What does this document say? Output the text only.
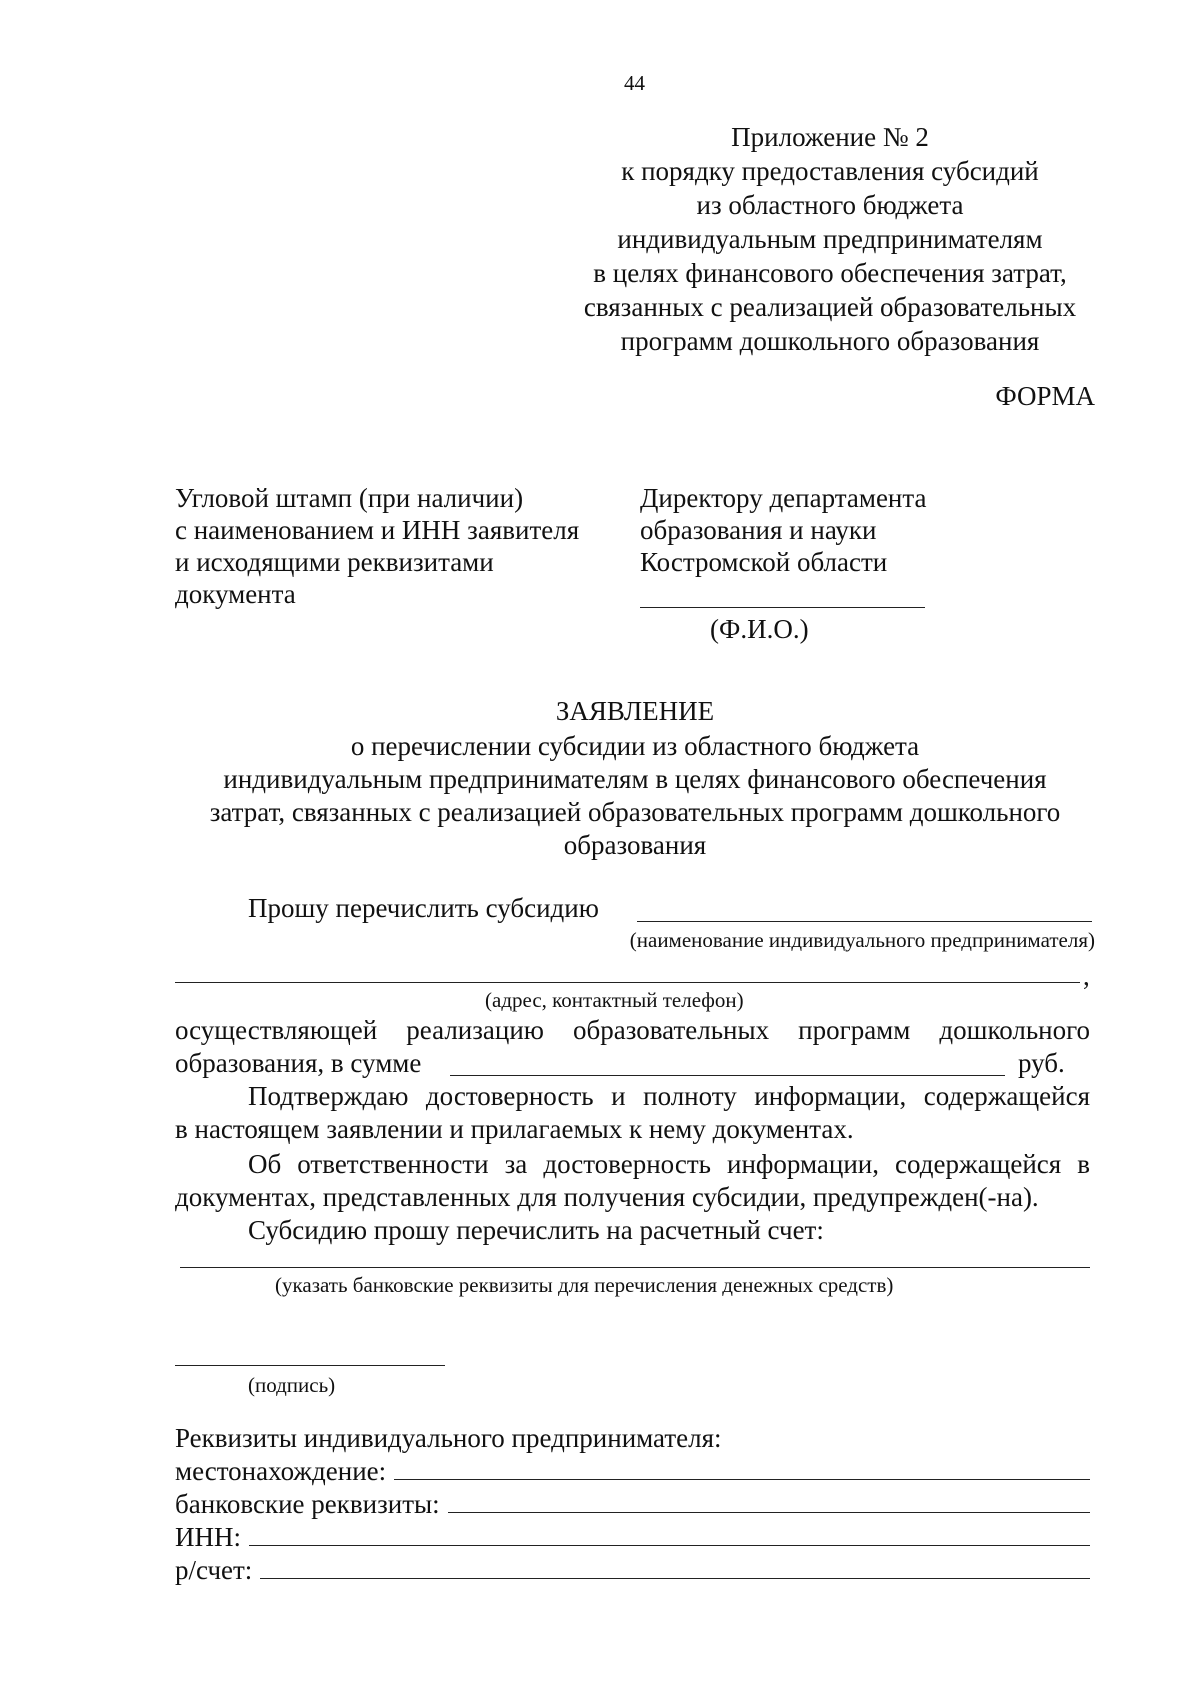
44
Приложение № 2
к порядку предоставления субсидий
из областного бюджета
индивидуальным предпринимателям
в целях финансового обеспечения затрат,
связанных с реализацией образовательных
программ дошкольного образования
ФОРМА
Угловой штамп (при наличии)
с наименованием и ИНН заявителя
и исходящими реквизитами
документа
Директору департамента
образования и науки
Костромской области
(Ф.И.О.)
ЗАЯВЛЕНИЕ
о перечислении субсидии из областного бюджета
индивидуальным предпринимателям в целях финансового обеспечения
затрат, связанных с реализацией образовательных программ дошкольного
образования
Прошу перечислить субсидию
(наименование индивидуального предпринимателя)
,
(адрес, контактный телефон)
осуществляющей реализацию образовательных программ дошкольного
образования, в сумме	руб.
Подтверждаю достоверность и полноту информации, содержащейся
в настоящем заявлении и прилагаемых к нему документах.
Об ответственности за достоверность информации, содержащейся в
документах, представленных для получения субсидии, предупрежден(-на).
Субсидию прошу перечислить на расчетный счет:
(указать банковские реквизиты для перечисления денежных средств)
(подпись)
Реквизиты индивидуального предпринимателя:
местонахождение:
банковские реквизиты:
ИНН:
р/счет:
